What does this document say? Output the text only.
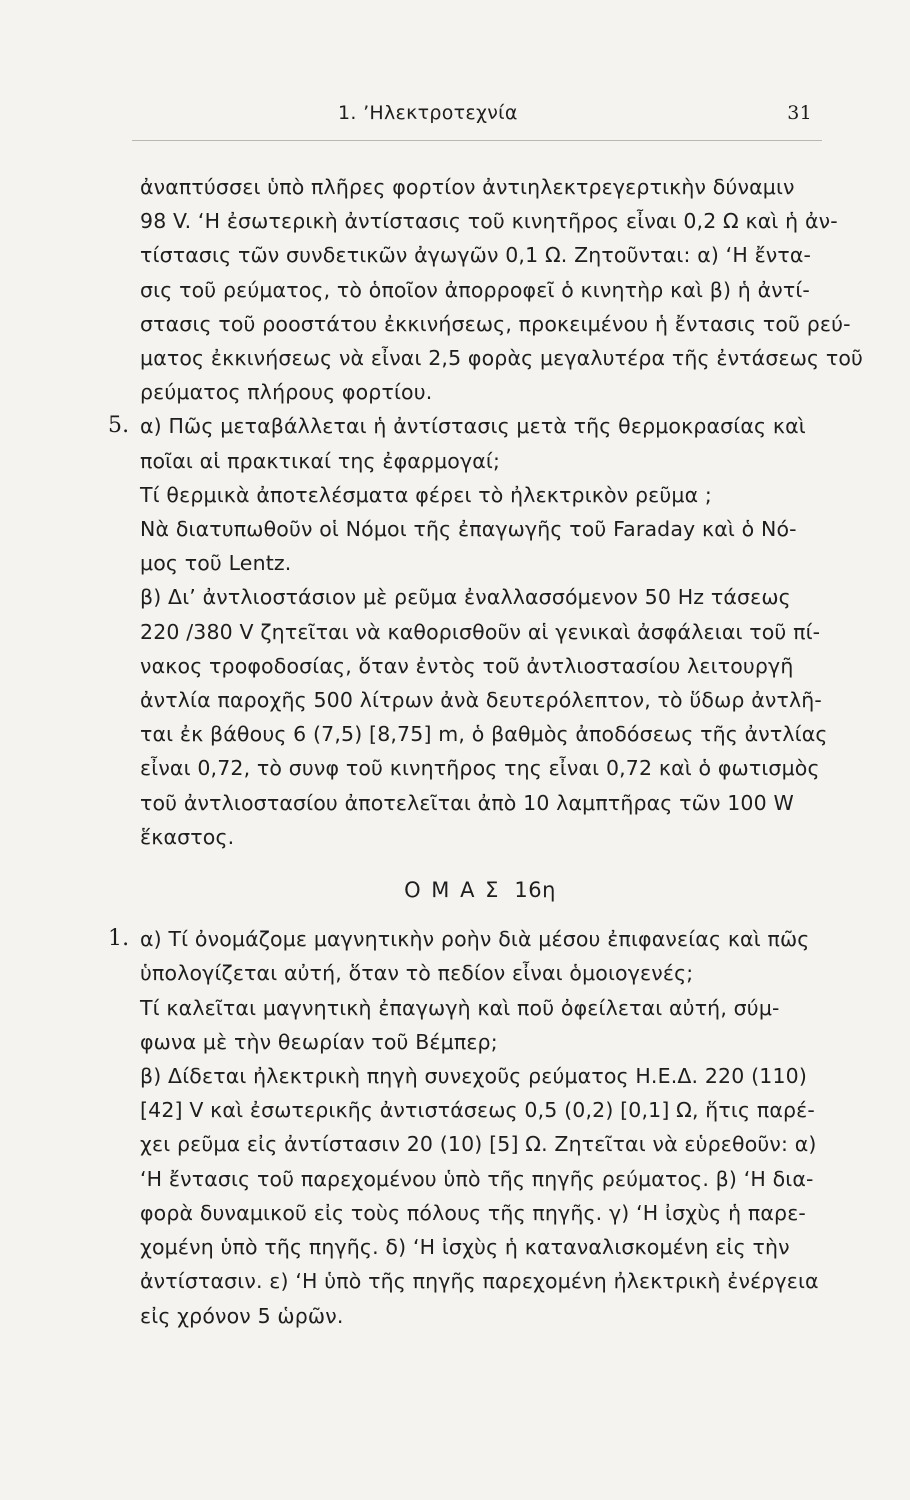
1. ’Ηλεκτροτεχνία	31

ἀναπτύσσει ὑπὸ πλῆρες φορτίον ἀντιηλεκτρεγερτικὴν δύναμιν
98 V. ‘Η ἐσωτερικὴ ἀντίστασις τοῦ κινητῆρος εἶναι 0,2 Ω καὶ ἡ ἀν-
τίστασις τῶν συνδετικῶν ἀγωγῶν 0,1 Ω. Ζητοῦνται: α) ‘Η ἔντα-
σις τοῦ ρεύματος, τὸ ὁποῖον ἀπορροφεῖ ὁ κινητὴρ καὶ β) ἡ ἀντί-
στασις τοῦ ροοστάτου ἐκκινήσεως, προκειμένου ἡ ἔντασις τοῦ ρεύ-
ματος ἐκκινήσεως νὰ εἶναι 2,5 φορὰς μεγαλυτέρα τῆς ἐντάσεως τοῦ
ρεύματος πλήρους φορτίου.

5. α) Πῶς μεταβάλλεται ἡ ἀντίστασις μετὰ τῆς θερμοκρασίας καὶ
ποῖαι αἱ πρακτικαί της ἐφαρμογαί;
Τί θερμικὰ ἀποτελέσματα φέρει τὸ ἠλεκτρικὸν ρεῦμα ;
Νὰ διατυπωθοῦν οἱ Νόμοι τῆς ἐπαγωγῆς τοῦ Faraday καὶ ὁ Νό-
μος τοῦ Lentz.

β) Δι’ ἀντλιοστάσιον μὲ ρεῦμα ἐναλλασσόμενον 50 Hz τάσεως
220 /380 V ζητεῖται νὰ καθορισθοῦν αἱ γενικαὶ ἀσφάλειαι τοῦ πί-
νακος τροφοδοσίας, ὅταν ἐντὸς τοῦ ἀντλιοστασίου λειτουργῆ
ἀντλία παροχῆς 500 λίτρων ἀνὰ δευτερόλεπτον, τὸ ὕδωρ ἀντλῆ-
ται ἐκ βάθους 6 (7,5) [8,75] m, ὁ βαθμὸς ἀποδόσεως τῆς ἀντλίας
εἶναι 0,72, τὸ συνφ τοῦ κινητῆρος της εἶναι 0,72 καὶ ὁ φωτισμὸς
τοῦ ἀντλιοστασίου ἀποτελεῖται ἀπὸ 10 λαμπτῆρας τῶν 100 W
ἕκαστος.

Ο Μ Α Σ 16η
1. α) Τί ὀνομάζομε μαγνητικὴν ροὴν διὰ μέσου ἐπιφανείας καὶ πῶς
ὑπολογίζεται αὐτή, ὅταν τὸ πεδίον εἶναι ὁμοιογενές;
Τί καλεῖται μαγνητικὴ ἐπαγωγὴ καὶ ποῦ ὀφείλεται αὐτή, σύμ-
φωνα μὲ τὴν θεωρίαν τοῦ Βέμπερ;

β) Δίδεται ἠλεκτρικὴ πηγὴ συνεχοῦς ρεύματος Η.Ε.Δ. 220 (110)
[42] V καὶ ἐσωτερικῆς ἀντιστάσεως 0,5 (0,2) [0,1] Ω, ἥτις παρέ-
χει ρεῦμα εἰς ἀντίστασιν 20 (10) [5] Ω. Ζητεῖται νὰ εὑρεθοῦν: α)
‘Η ἔντασις τοῦ παρεχομένου ὑπὸ τῆς πηγῆς ρεύματος. β) ‘Η δια-
φορὰ δυναμικοῦ εἰς τοὺς πόλους τῆς πηγῆς. γ) ‘Η ἰσχὺς ἡ παρε-
χομένη ὑπὸ τῆς πηγῆς. δ) ‘Η ἰσχὺς ἡ καταναλισκομένη εἰς τὴν
ἀντίστασιν. ε) ‘Η ὑπὸ τῆς πηγῆς παρεχομένη ἠλεκτρικὴ ἐνέργεια
εἰς χρόνον 5 ὡρῶν.
